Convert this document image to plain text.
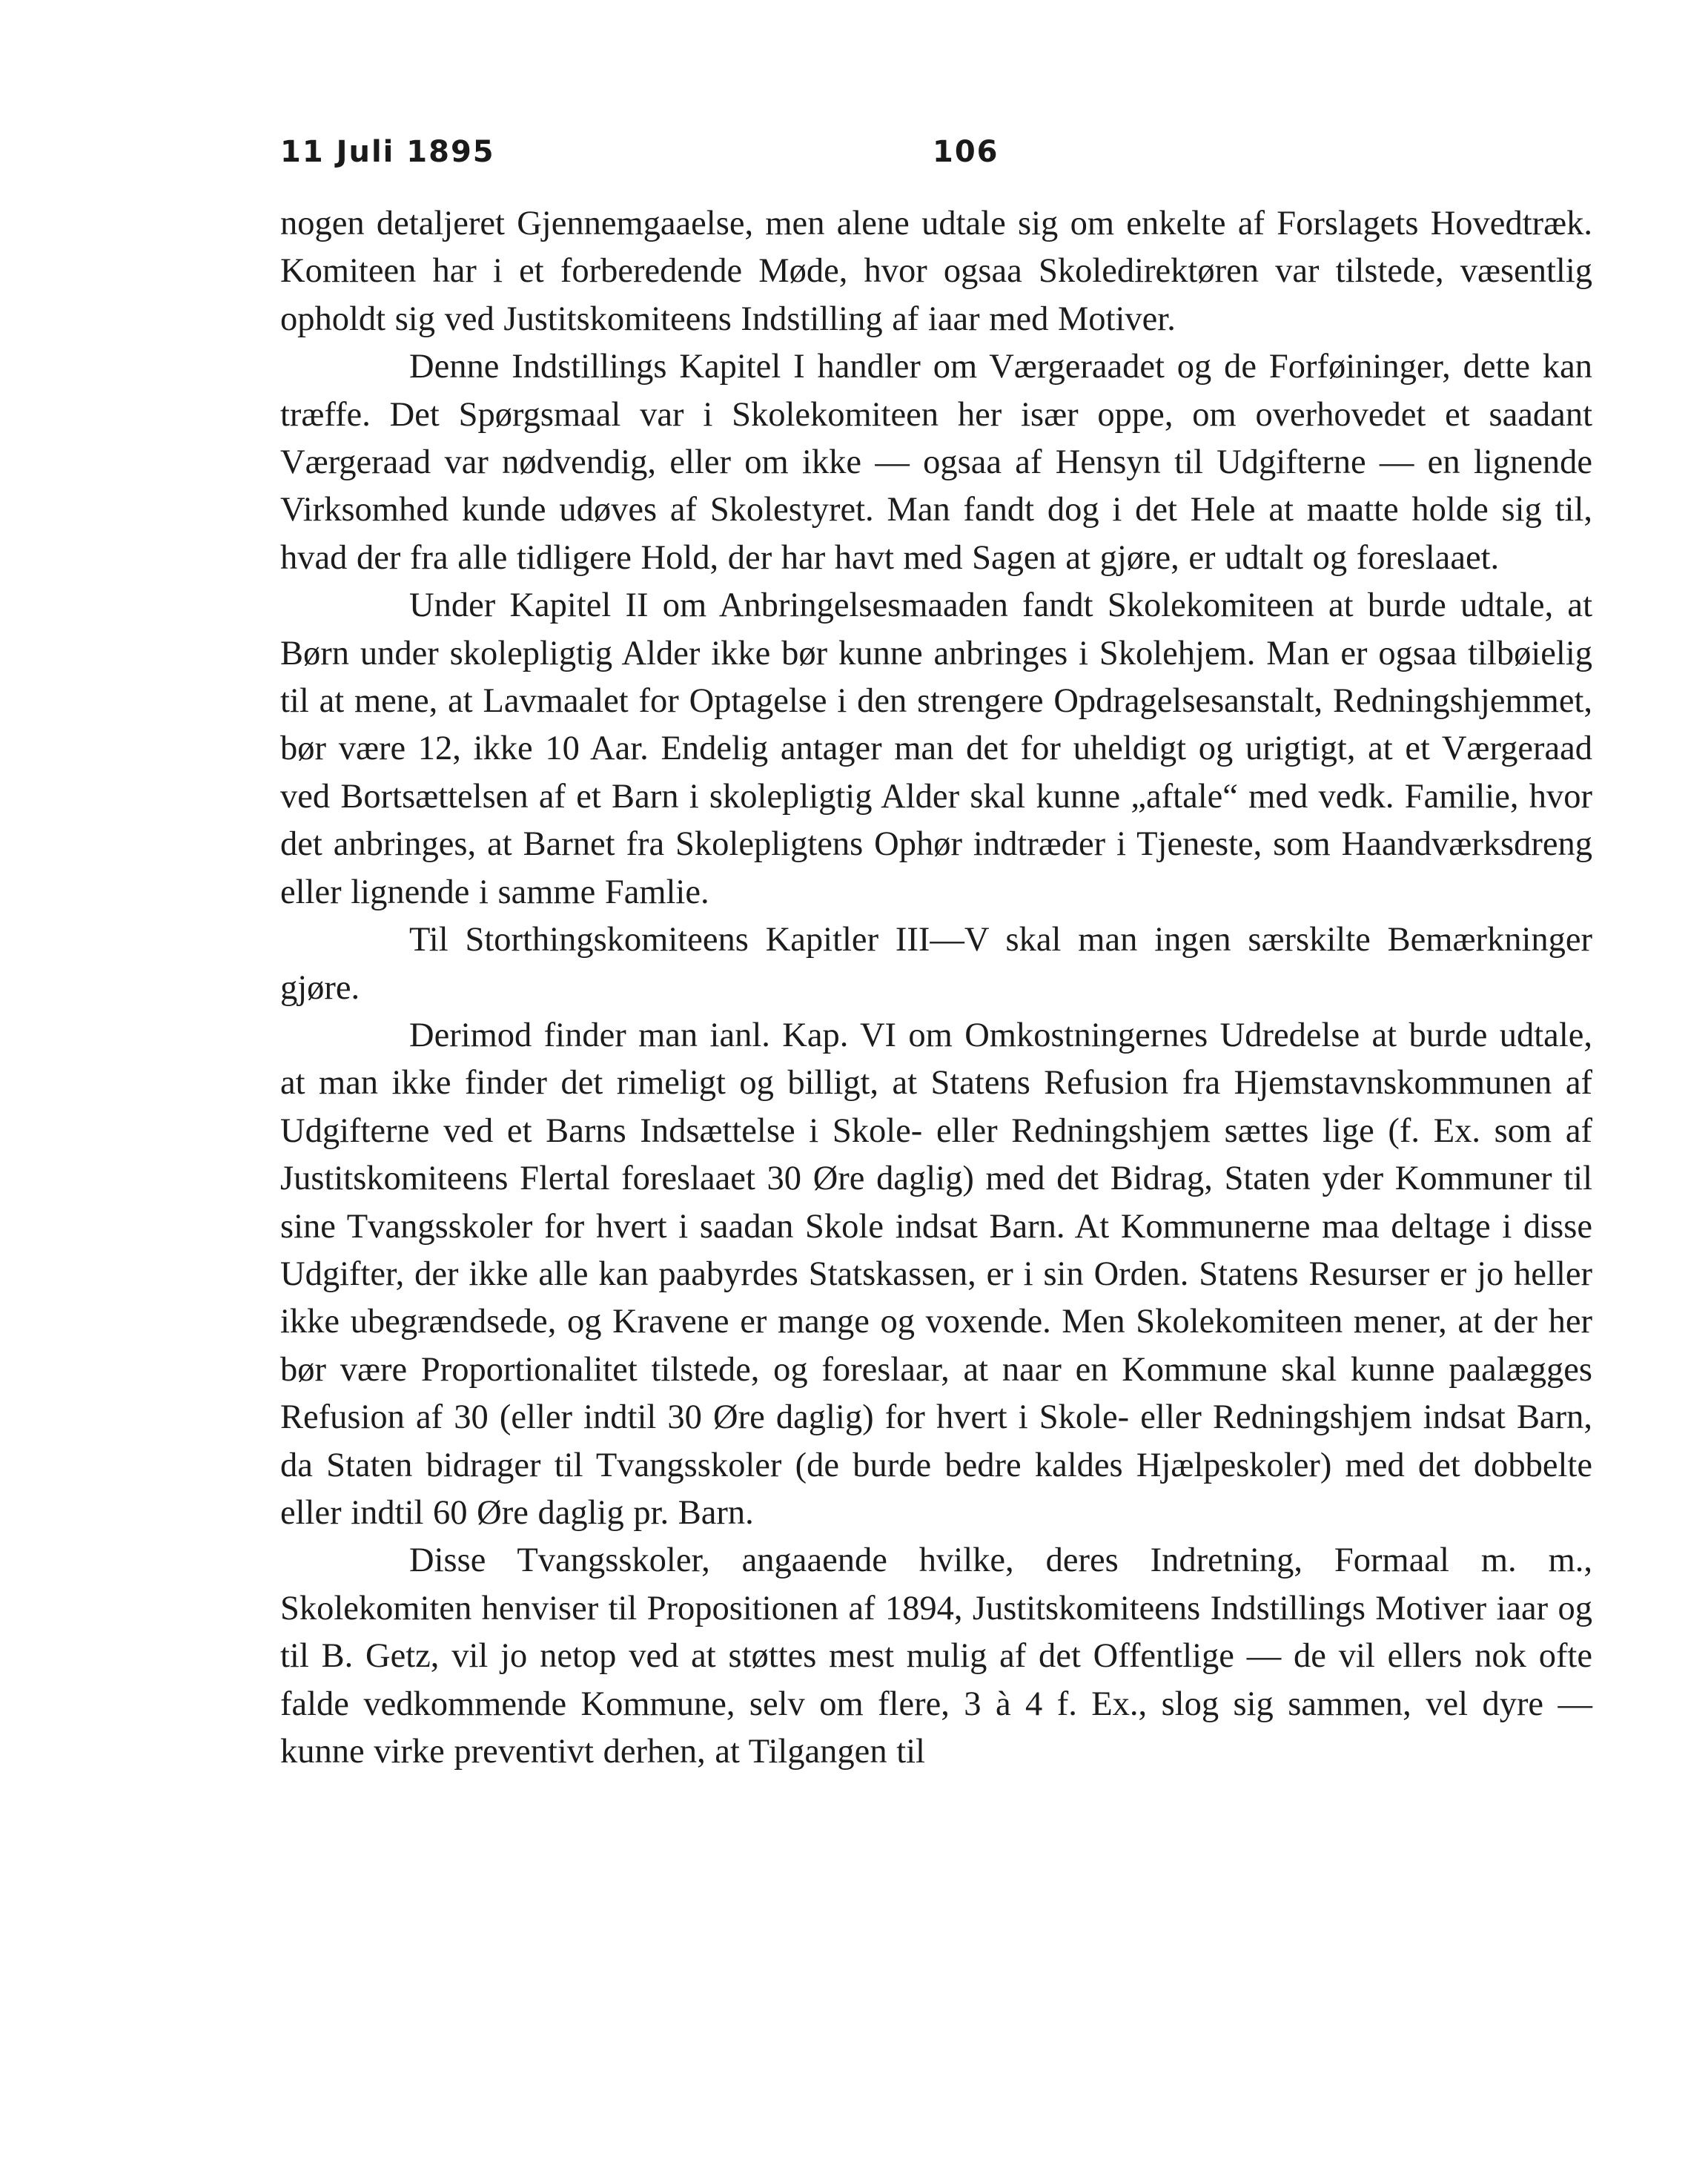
11 Juli 1895	106

nogen detaljeret Gjennemgaaelse, men alene udtale sig om enkelte af Forslagets Hovedtræk. Komiteen har i et forberedende Møde, hvor ogsaa Skoledirektøren var tilstede, væsentlig opholdt sig ved Justitskomiteens Indstilling af iaar med Motiver.

Denne Indstillings Kapitel I handler om Værgeraadet og de Forføininger, dette kan træffe. Det Spørgsmaal var i Skolekomiteen her især oppe, om overhovedet et saadant Værgeraad var nødvendig, eller om ikke — ogsaa af Hensyn til Udgifterne — en lignende Virksomhed kunde udøves af Skolestyret. Man fandt dog i det Hele at maatte holde sig til, hvad der fra alle tidligere Hold, der har havt med Sagen at gjøre, er udtalt og foreslaaet.

Under Kapitel II om Anbringelsesmaaden fandt Skolekomiteen at burde udtale, at Børn under skolepligtig Alder ikke bør kunne anbringes i Skolehjem. Man er ogsaa tilbøielig til at mene, at Lavmaalet for Optagelse i den strengere Opdragelsesanstalt, Redningshjemmet, bør være 12, ikke 10 Aar. Endelig antager man det for uheldigt og urigtigt, at et Værgeraad ved Bortsættelsen af et Barn i skolepligtig Alder skal kunne „aftale“ med vedk. Familie, hvor det anbringes, at Barnet fra Skolepligtens Ophør indtræder i Tjeneste, som Haandværksdreng eller lignende i samme Famlie.

Til Storthingskomiteens Kapitler III—V skal man ingen særskilte Bemærkninger gjøre.

Derimod finder man ianl. Kap. VI om Omkostningernes Udredelse at burde udtale, at man ikke finder det rimeligt og billigt, at Statens Refusion fra Hjemstavnskommunen af Udgifterne ved et Barns Indsættelse i Skole- eller Redningshjem sættes lige (f. Ex. som af Justitskomiteens Flertal foreslaaet 30 Øre daglig) med det Bidrag, Staten yder Kommuner til sine Tvangsskoler for hvert i saadan Skole indsat Barn. At Kommunerne maa deltage i disse Udgifter, der ikke alle kan paabyrdes Statskassen, er i sin Orden. Statens Resurser er jo heller ikke ubegrændsede, og Kravene er mange og voxende. Men Skolekomiteen mener, at der her bør være Proportionalitet tilstede, og foreslaar, at naar en Kommune skal kunne paalægges Refusion af 30 (eller indtil 30 Øre daglig) for hvert i Skole- eller Redningshjem indsat Barn, da Staten bidrager til Tvangsskoler (de burde bedre kaldes Hjælpeskoler) med det dobbelte eller indtil 60 Øre daglig pr. Barn.

Disse Tvangsskoler, angaaende hvilke, deres Indretning, Formaal m. m., Skolekomiten henviser til Propositionen af 1894, Justitskomiteens Indstillings Motiver iaar og til B. Getz, vil jo netop ved at støttes mest mulig af det Offentlige — de vil ellers nok ofte falde vedkommende Kommune, selv om flere, 3 à 4 f. Ex., slog sig sammen, vel dyre — kunne virke preventivt derhen, at Tilgangen til
